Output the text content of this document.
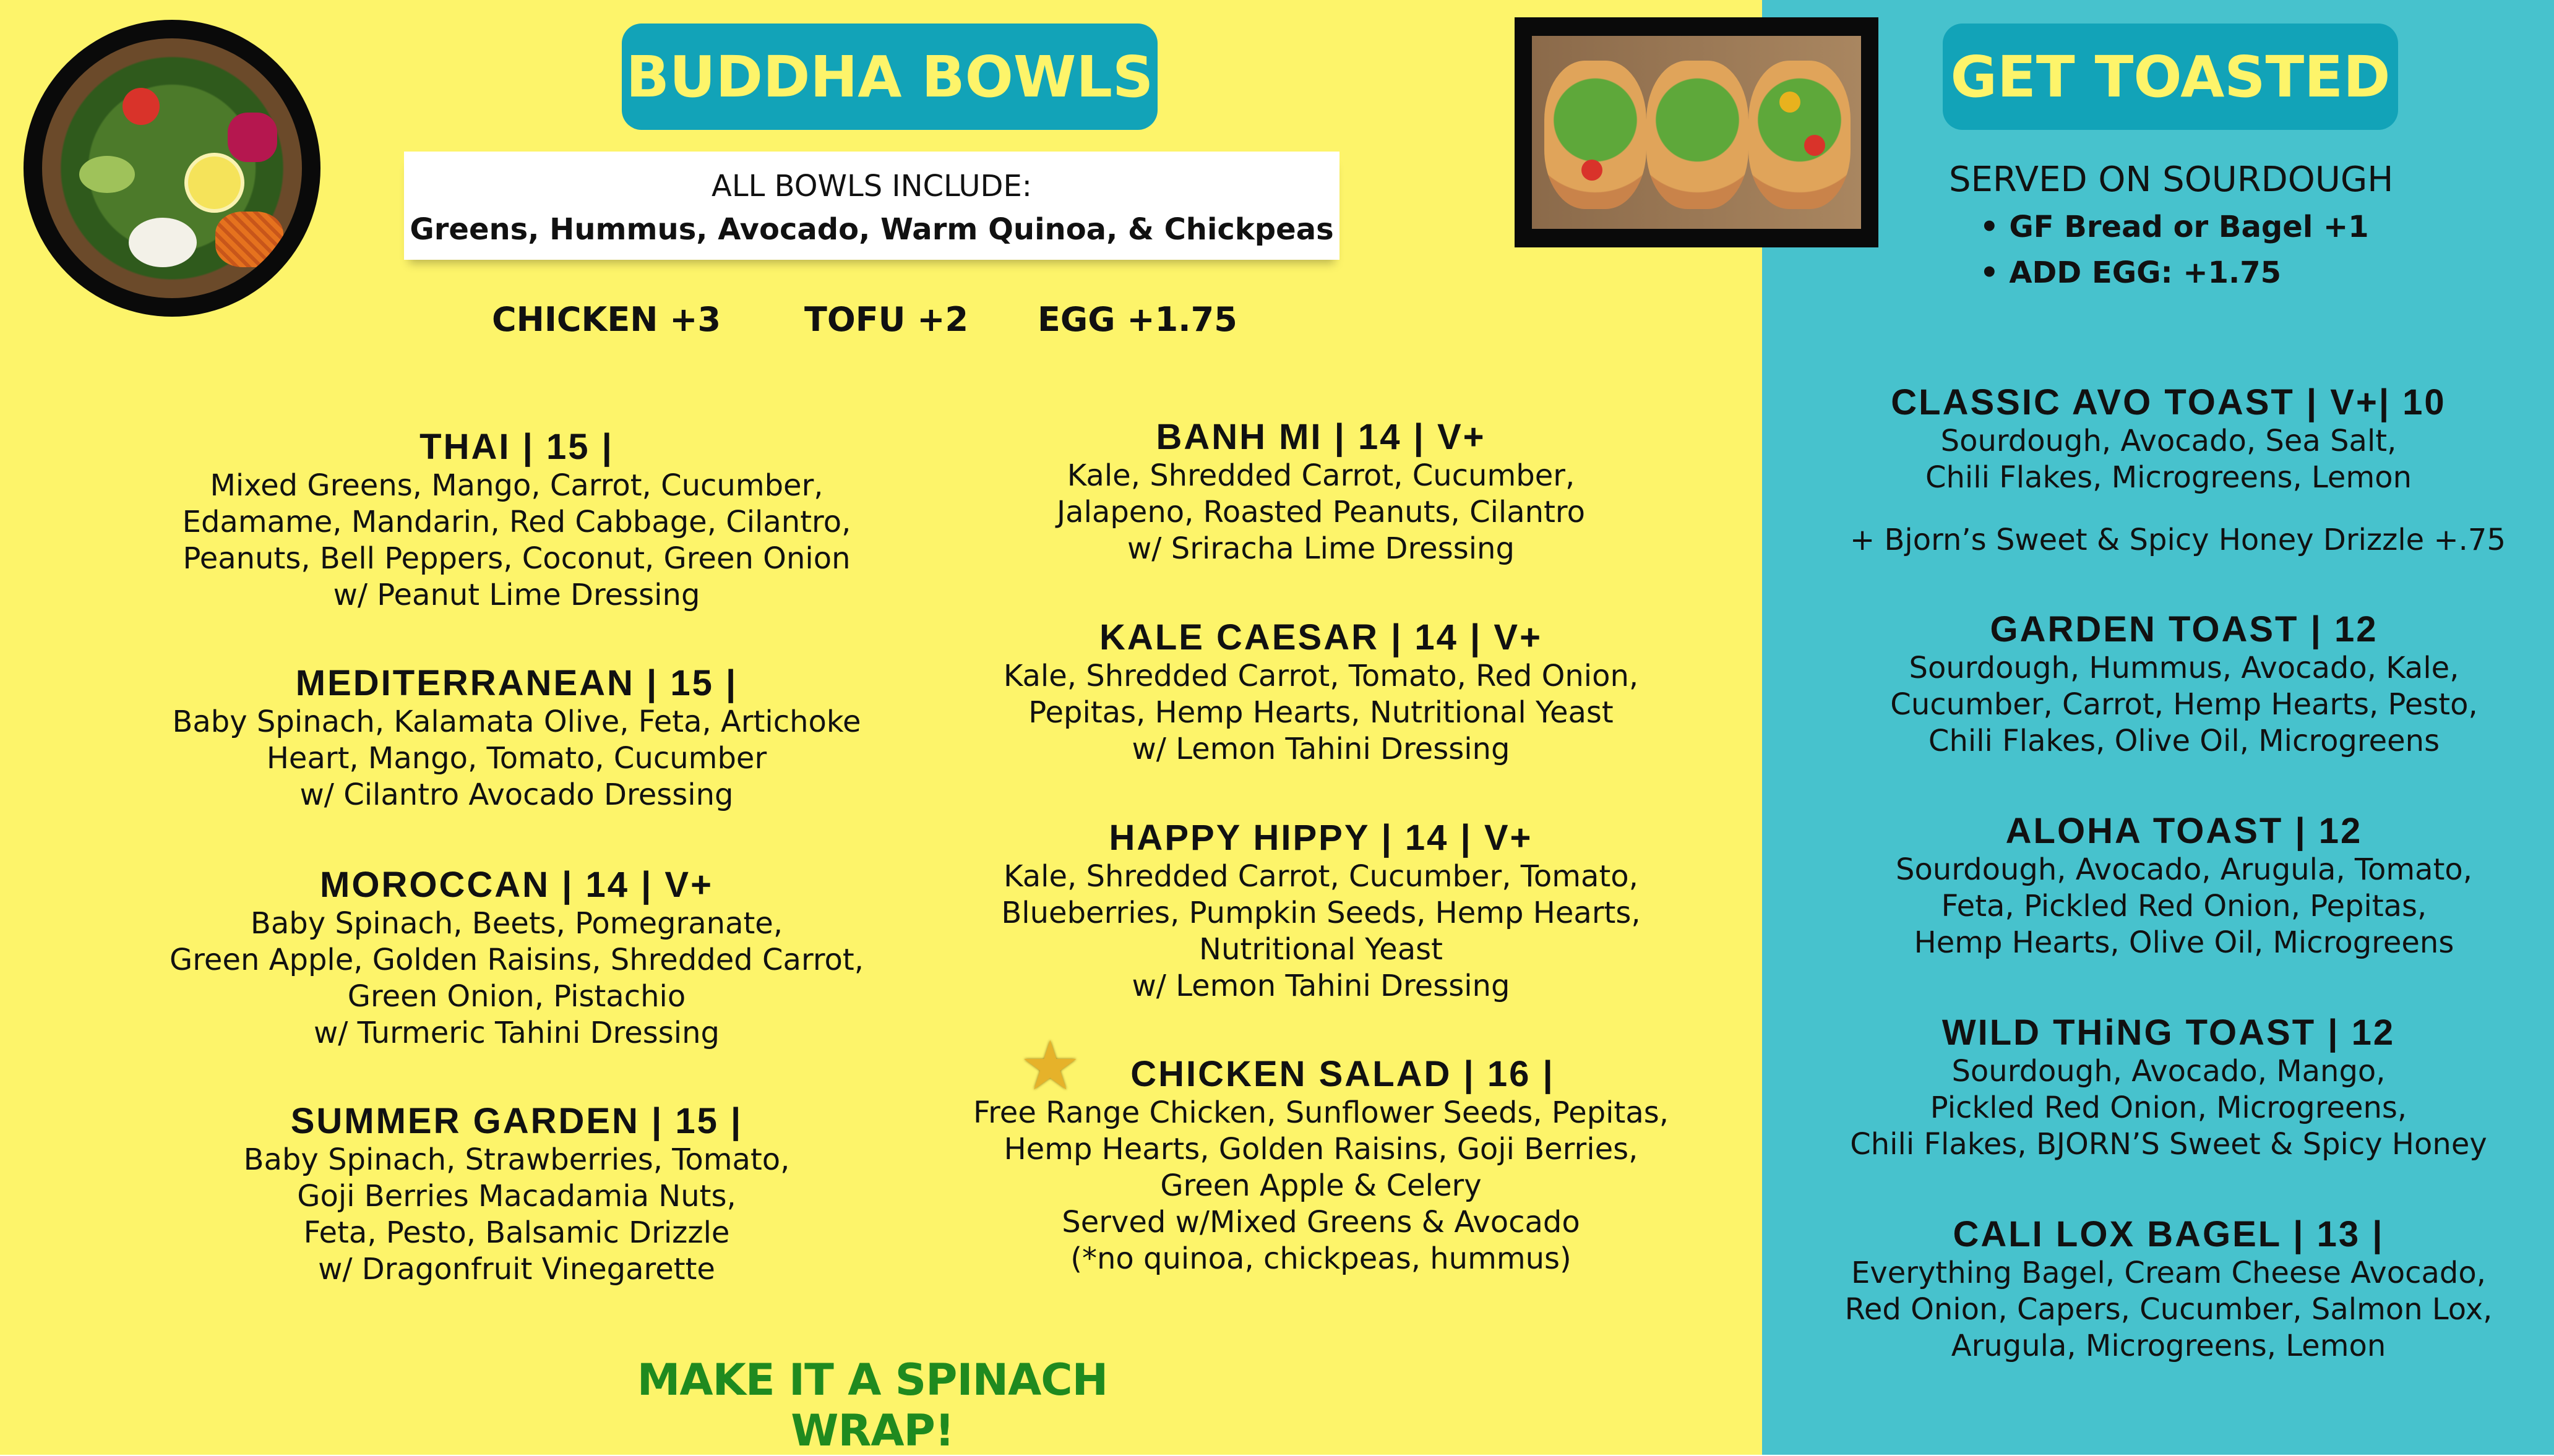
BUDDHA BOWLS
ALL BOWLS INCLUDE:
Greens, Hummus, Avocado, Warm Quinoa, & Chickpeas
CHICKEN +3 TOFU +2 EGG +1.75
THAI | 15 |
Mixed Greens, Mango, Carrot, Cucumber,
Edamame, Mandarin, Red Cabbage, Cilantro,
Peanuts, Bell Peppers, Coconut, Green Onion
w/ Peanut Lime Dressing
MEDITERRANEAN | 15 |
Baby Spinach, Kalamata Olive, Feta, Artichoke
Heart, Mango, Tomato, Cucumber
w/ Cilantro Avocado Dressing
MOROCCAN | 14 | V+
Baby Spinach, Beets, Pomegranate,
Green Apple, Golden Raisins, Shredded Carrot,
Green Onion, Pistachio
w/ Turmeric Tahini Dressing
SUMMER GARDEN | 15 |
Baby Spinach, Strawberries, Tomato,
Goji Berries Macadamia Nuts,
Feta, Pesto, Balsamic Drizzle
w/ Dragonfruit Vinegarette
BANH MI | 14 | V+
Kale, Shredded Carrot, Cucumber,
Jalapeno, Roasted Peanuts, Cilantro
w/ Sriracha Lime Dressing
KALE CAESAR | 14 | V+
Kale, Shredded Carrot, Tomato, Red Onion,
Pepitas, Hemp Hearts, Nutritional Yeast
w/ Lemon Tahini Dressing
HAPPY HIPPY | 14 | V+
Kale, Shredded Carrot, Cucumber, Tomato,
Blueberries, Pumpkin Seeds, Hemp Hearts,
Nutritional Yeast
w/ Lemon Tahini Dressing
★	CHICKEN SALAD | 16 |
Free Range Chicken, Sunflower Seeds, Pepitas,
Hemp Hearts, Golden Raisins, Goji Berries,
Green Apple & Celery
Served w/Mixed Greens & Avocado
(*no quinoa, chickpeas, hummus)
MAKE IT A SPINACH WRAP!
GET TOASTED
SERVED ON SOURDOUGH
• GF Bread or Bagel +1
• ADD EGG: +1.75
CLASSIC AVO TOAST | V+| 10
Sourdough, Avocado, Sea Salt,
Chili Flakes, Microgreens, Lemon
+ Bjorn’s Sweet & Spicy Honey Drizzle +.75
GARDEN TOAST | 12
Sourdough, Hummus, Avocado, Kale,
Cucumber, Carrot, Hemp Hearts, Pesto,
Chili Flakes, Olive Oil, Microgreens
ALOHA TOAST | 12
Sourdough, Avocado, Arugula, Tomato,
Feta, Pickled Red Onion, Pepitas,
Hemp Hearts, Olive Oil, Microgreens
WILD THiNG TOAST | 12
Sourdough, Avocado, Mango,
Pickled Red Onion, Microgreens,
Chili Flakes, BJORN’S Sweet & Spicy Honey
CALI LOX BAGEL | 13 |
Everything Bagel, Cream Cheese Avocado,
Red Onion, Capers, Cucumber, Salmon Lox,
Arugula, Microgreens, Lemon
